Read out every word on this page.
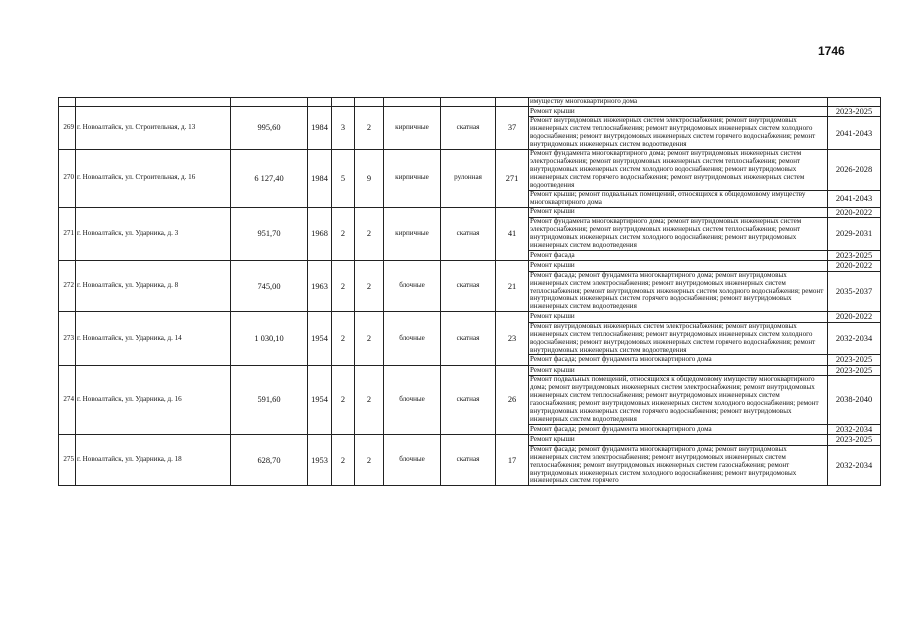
1746
									имуществу многоквартирного дома	
269	г. Новоалтайск, ул. Строительная, д. 13	995,60	1984	3	2	кирпичные	скатная	37	Ремонт крыши	2023-2025
									Ремонт внутридомовых инженерных систем электроснабжения; ремонт внутридомовых инженерных систем теплоснабжения; ремонт внутридомовых инженерных систем холодного водоснабжения; ремонт внутридомовых инженерных систем горячего водоснабжения; ремонт внутридомовых инженерных систем водоотведения	2041-2043
270	г. Новоалтайск, ул. Строительная, д. 16	6 127,40	1984	5	9	кирпичные	рулонная	271	Ремонт фундамента многоквартирного дома; ремонт внутридомовых инженерных систем электроснабжения; ремонт внутридомовых инженерных систем теплоснабжения; ремонт внутридомовых инженерных систем холодного водоснабжения; ремонт внутридомовых инженерных систем горячего водоснабжения; ремонт внутридомовых инженерных систем водоотведения	2026-2028
									Ремонт крыши; ремонт подвальных помещений, относящихся к общедомовому имуществу многоквартирного дома	2041-2043
271	г. Новоалтайск, ул. Ударника, д. 3	951,70	1968	2	2	кирпичные	скатная	41	Ремонт крыши	2020-2022
									Ремонт фундамента многоквартирного дома; ремонт внутридомовых инженерных систем электроснабжения; ремонт внутридомовых инженерных систем теплоснабжения; ремонт внутридомовых инженерных систем холодного водоснабжения; ремонт внутридомовых инженерных систем водоотведения	2029-2031
									Ремонт фасада	2023-2025
272	г. Новоалтайск, ул. Ударника, д. 8	745,00	1963	2	2	блочные	скатная	21	Ремонт крыши	2020-2022
									Ремонт фасада; ремонт фундамента многоквартирного дома; ремонт внутридомовых инженерных систем электроснабжения; ремонт внутридомовых инженерных систем теплоснабжения; ремонт внутридомовых инженерных систем холодного водоснабжения; ремонт внутридомовых инженерных систем горячего водоснабжения; ремонт внутридомовых инженерных систем водоотведения	2035-2037
273	г. Новоалтайск, ул. Ударника, д. 14	1 030,10	1954	2	2	блочные	скатная	23	Ремонт крыши	2020-2022
									Ремонт внутридомовых инженерных систем электроснабжения; ремонт внутридомовых инженерных систем теплоснабжения; ремонт внутридомовых инженерных систем холодного водоснабжения; ремонт внутридомовых инженерных систем горячего водоснабжения; ремонт внутридомовых инженерных систем водоотведения	2032-2034
									Ремонт фасада; ремонт фундамента многоквартирного дома	2023-2025
274	г. Новоалтайск, ул. Ударника, д. 16	591,60	1954	2	2	блочные	скатная	26	Ремонт крыши	2023-2025
									Ремонт подвальных помещений, относящихся к общедомовому имуществу многоквартирного дома; ремонт внутридомовых инженерных систем электроснабжения; ремонт внутридомовых инженерных систем теплоснабжения; ремонт внутридомовых инженерных систем газоснабжения; ремонт внутридомовых инженерных систем холодного водоснабжения; ремонт внутридомовых инженерных систем горячего водоснабжения; ремонт внутридомовых инженерных систем водоотведения	2038-2040
									Ремонт фасада; ремонт фундамента многоквартирного дома	2032-2034
275	г. Новоалтайск, ул. Ударника, д. 18	628,70	1953	2	2	блочные	скатная	17	Ремонт крыши	2023-2025
									Ремонт фасада; ремонт фундамента многоквартирного дома; ремонт внутридомовых инженерных систем электроснабжения; ремонт внутридомовых инженерных систем теплоснабжения; ремонт внутридомовых инженерных систем газоснабжения; ремонт внутридомовых инженерных систем холодного водоснабжения; ремонт внутридомовых инженерных систем горячего	2032-2034
